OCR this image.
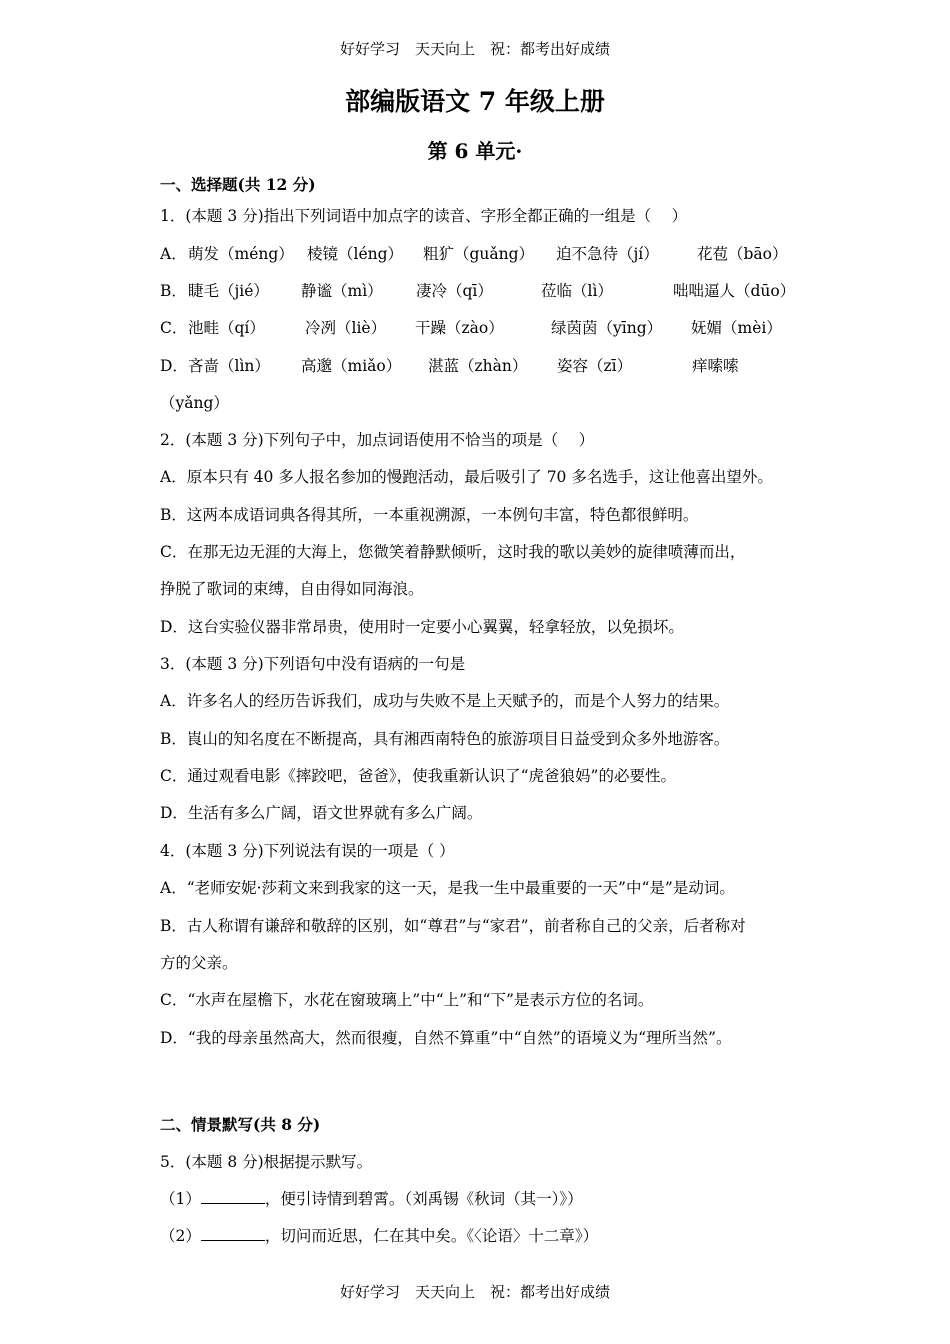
好好学习　天天向上　祝：都考出好成绩
部编版语文 7 年级上册
第 6 单元·
一、选择题(共 12 分)
1．(本题 3 分)指出下列词语中加点字的读音、字形全都正确的一组是（　 ）
A． 萌发（méng） 棱镜（léng） 粗犷（guǎng） 迫不急待（jí） 花苞（bāo）
B． 睫毛（jié） 静谧（mì） 凄冷（qī）	莅临（lì）	咄咄逼人（dūo）
C． 池畦（qí）	冷冽（liè） 干躁（zào）	绿茵茵（yīng） 妩媚（mèi）
D． 吝啬（lìn） 高邈（miǎo） 湛蓝（zhàn） 姿容（zī）	痒嗦嗦
（yǎng）
2．(本题 3 分)下列句子中，加点词语使用不恰当的项是（　 ）
A．原本只有 40 多人报名参加的慢跑活动，最后吸引了 70 多名选手，这让他喜出望外。
B．这两本成语词典各得其所，一本重视溯源，一本例句丰富，特色都很鲜明。
C．在那无边无涯的大海上，您微笑着静默倾听，这时我的歌以美妙的旋律喷薄而出，
挣脱了歌词的束缚，自由得如同海浪。
D．这台实验仪器非常昂贵，使用时一定要小心翼翼，轻拿轻放，以免损坏。
3．(本题 3 分)下列语句中没有语病的一句是
A．许多名人的经历告诉我们，成功与失败不是上天赋予的，而是个人努力的结果。
B．崀山的知名度在不断提高，具有湘西南特色的旅游项目日益受到众多外地游客。
C．通过观看电影《摔跤吧，爸爸》，使我重新认识了“虎爸狼妈”的必要性。
D．生活有多么广阔，语文世界就有多么广阔。
4．(本题 3 分)下列说法有误的一项是（ ）
A．“老师安妮·莎莉文来到我家的这一天，是我一生中最重要的一天”中“是”是动词。
B．古人称谓有谦辞和敬辞的区别，如“尊君”与“家君”，前者称自己的父亲，后者称对
方的父亲。
C．“水声在屋檐下，水花在窗玻璃上”中“上”和“下”是表示方位的名词。
D．“我的母亲虽然高大，然而很瘦，自然不算重”中“自然”的语境义为“理所当然”。
二、情景默写(共 8 分)
5．(本题 8 分)根据提示默写。
（1）	，便引诗情到碧霄。（刘禹锡《秋词（其一）》）
（2）	，切问而近思，仁在其中矣。《〈论语〉十二章》）
好好学习　天天向上　祝：都考出好成绩
